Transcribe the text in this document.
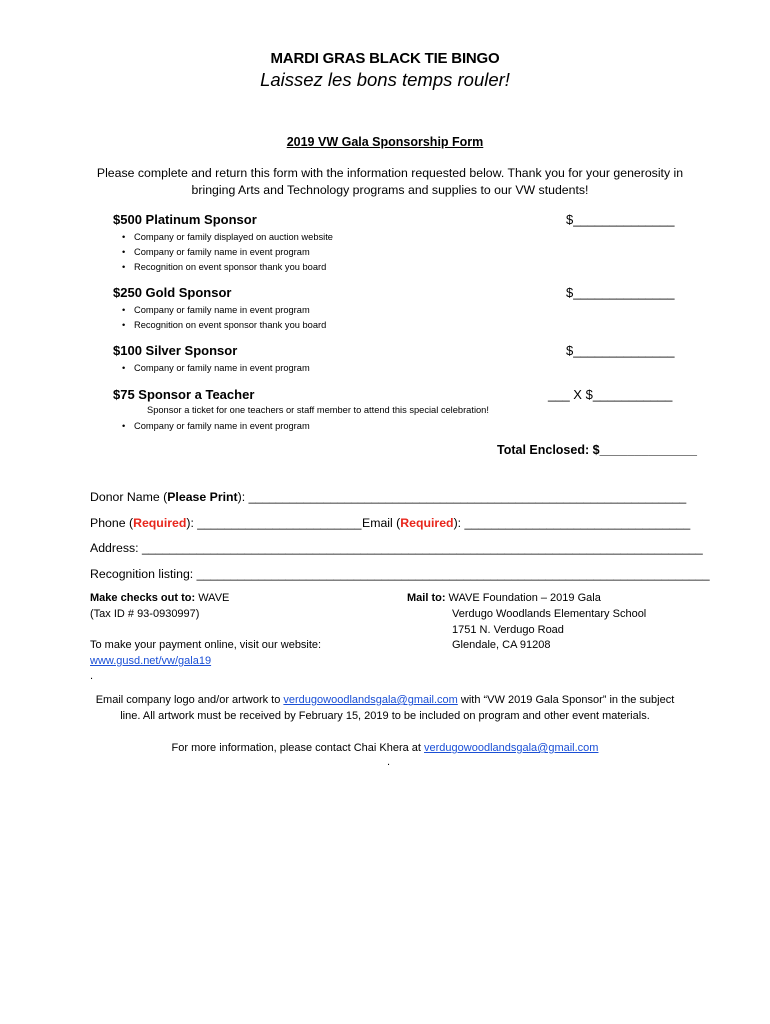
MARDI GRAS BLACK TIE BINGO
Laissez les bons temps rouler!
2019 VW Gala Sponsorship Form
Please complete and return this form with the information requested below. Thank you for your generosity in bringing Arts and Technology programs and supplies to our VW students!
$500 Platinum Sponsor	$______________
• Company or family displayed on auction website
• Company or family name in event program
• Recognition on event sponsor thank you board
$250 Gold Sponsor	$______________
• Company or family name in event program
• Recognition on event sponsor thank you board
$100 Silver Sponsor	$______________
• Company or family name in event program
$75 Sponsor a Teacher	___ X $___________
Sponsor a ticket for one teachers or staff member to attend this special celebration!
• Company or family name in event program
Total Enclosed: $______________
Donor Name (Please Print): ________________________________________________________________
Phone (Required): ________________________ Email (Required): _________________________________
Address: __________________________________________________________________________________
Recognition listing: ___________________________________________________________________________
Make checks out to: WAVE
(Tax ID # 93-0930997)
To make your payment online, visit our website:
www.gusd.net/vw/gala19
.
Mail to: WAVE Foundation – 2019 Gala
Verdugo Woodlands Elementary School
1751 N. Verdugo Road
Glendale, CA 91208
Email company logo and/or artwork to verdugowoodlandsgala@gmail.com with “VW 2019 Gala Sponsor” in the subject line. All artwork must be received by February 15, 2019 to be included on program and other event materials.
For more information, please contact Chai Khera at verdugowoodlandsgala@gmail.com
.
